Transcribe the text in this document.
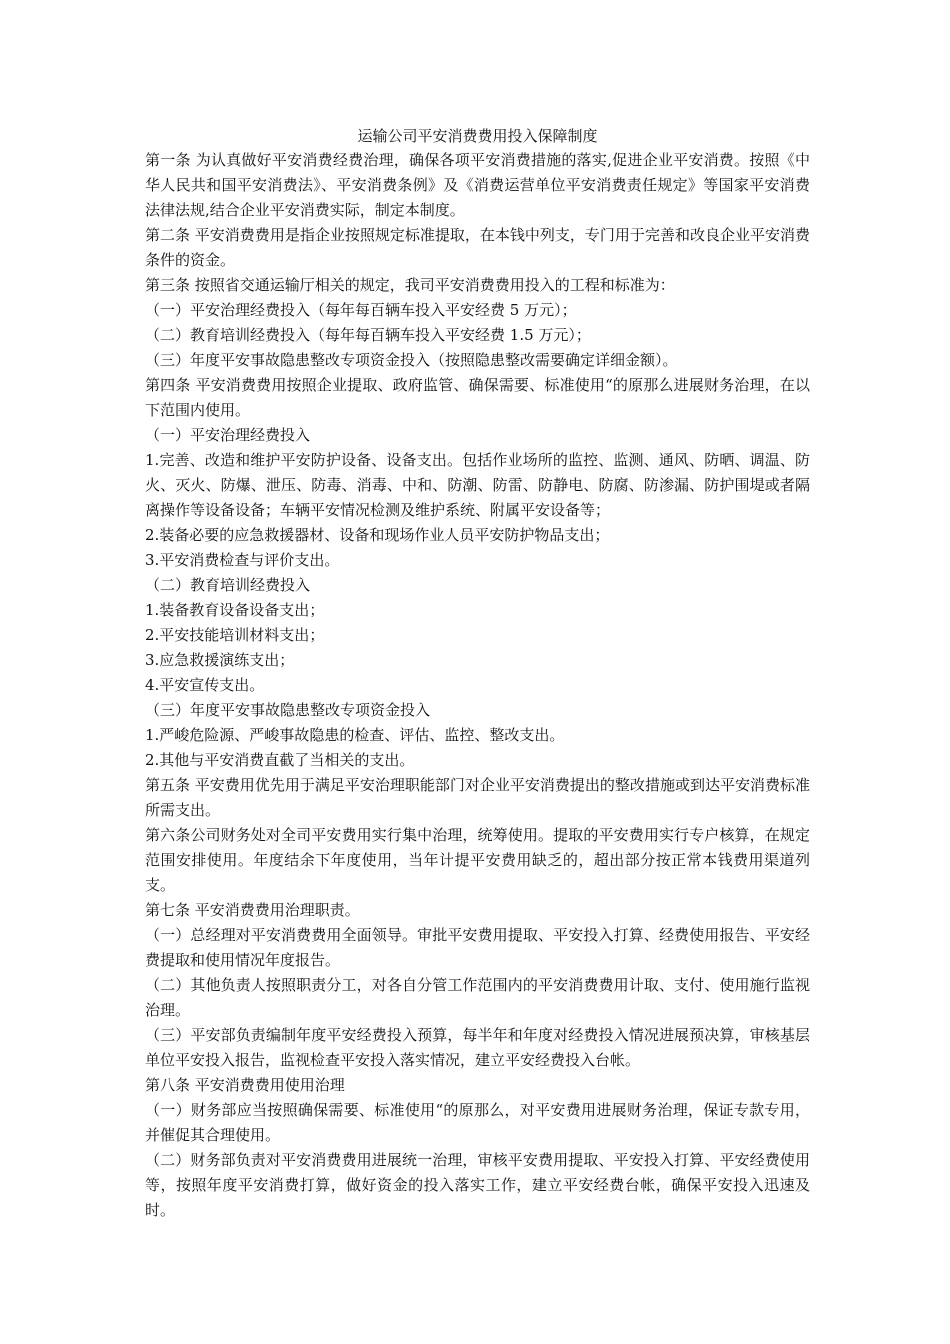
运输公司平安消费费用投入保障制度

第一条 为认真做好平安消费经费治理，确保各项平安消费措施的落实,促进企业平安消费。按照《中华人民共和国平安消费法》、平安消费条例》及《消费运营单位平安消费责任规定》等国家平安消费法律法规,结合企业平安消费实际，制定本制度。

第二条 平安消费费用是指企业按照规定标准提取，在本钱中列支，专门用于完善和改良企业平安消费条件的资金。

第三条 按照省交通运输厅相关的规定，我司平安消费费用投入的工程和标准为：

（一）平安治理经费投入（每年每百辆车投入平安经费 5 万元）；

（二）教育培训经费投入（每年每百辆车投入平安经费 1.5 万元）；

（三）年度平安事故隐患整改专项资金投入（按照隐患整改需要确定详细金额）。

第四条 平安消费费用按照企业提取、政府监管、确保需要、标准使用“的原那么进展财务治理，在以下范围内使用。

（一）平安治理经费投入

1.完善、改造和维护平安防护设备、设备支出。包括作业场所的监控、监测、通风、防晒、调温、防火、灭火、防爆、泄压、防毒、消毒、中和、防潮、防雷、防静电、防腐、防渗漏、防护围堤或者隔离操作等设备设备；车辆平安情况检测及维护系统、附属平安设备等；

2.装备必要的应急救援器材、设备和现场作业人员平安防护物品支出；

3.平安消费检查与评价支出。

（二）教育培训经费投入

1.装备教育设备设备支出；

2.平安技能培训材料支出；

3.应急救援演练支出；

4.平安宣传支出。

（三）年度平安事故隐患整改专项资金投入

1.严峻危险源、严峻事故隐患的检查、评估、监控、整改支出。

2.其他与平安消费直截了当相关的支出。

第五条 平安费用优先用于满足平安治理职能部门对企业平安消费提出的整改措施或到达平安消费标准所需支出。

第六条公司财务处对全司平安费用实行集中治理，统筹使用。提取的平安费用实行专户核算，在规定范围安排使用。年度结余下年度使用，当年计提平安费用缺乏的，超出部分按正常本钱费用渠道列支。

第七条 平安消费费用治理职责。

（一）总经理对平安消费费用全面领导。审批平安费用提取、平安投入打算、经费使用报告、平安经费提取和使用情况年度报告。

（二）其他负责人按照职责分工，对各自分管工作范围内的平安消费费用计取、支付、使用施行监视治理。

（三）平安部负责编制年度平安经费投入预算，每半年和年度对经费投入情况进展预决算，审核基层单位平安投入报告，监视检查平安投入落实情况，建立平安经费投入台帐。

第八条 平安消费费用使用治理

（一）财务部应当按照确保需要、标准使用“的原那么，对平安费用进展财务治理，保证专款专用，并催促其合理使用。

（二）财务部负责对平安消费费用进展统一治理，审核平安费用提取、平安投入打算、平安经费使用等，按照年度平安消费打算，做好资金的投入落实工作，建立平安经费台帐，确保平安投入迅速及时。
